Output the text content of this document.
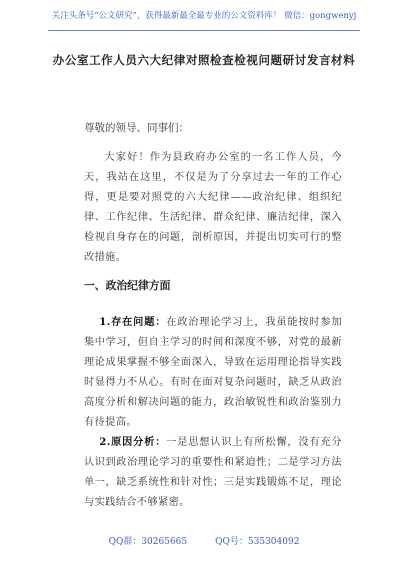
关注头条号“公文研究”，获得最新最全最专业的公文资料库！ 微信：gongwenyj
办公室工作人员六大纪律对照检查检视问题研讨发言材料
尊敬的领导、同事们：

大家好！作为县政府办公室的一名工作人员，今天，我站在这里，不仅是为了分享过去一年的工作心得，更是要对照党的六大纪律——政治纪律、组织纪律、工作纪律、生活纪律、群众纪律、廉洁纪律，深入检视自身存在的问题，剖析原因，并提出切实可行的整改措施。

一、政治纪律方面

1.存在问题：在政治理论学习上，我虽能按时参加集中学习，但自主学习的时间和深度不够，对党的最新理论成果掌握不够全面深入，导致在运用理论指导实践时显得力不从心。有时在面对复杂问题时，缺乏从政治高度分析和解决问题的能力，政治敏锐性和政治鉴别力有待提高。

2.原因分析：一是思想认识上有所松懈，没有充分认识到政治理论学习的重要性和紧迫性；二是学习方法单一，缺乏系统性和针对性；三是实践锻炼不足，理论与实践结合不够紧密。

QQ群：30265665	QQ号：535304092
